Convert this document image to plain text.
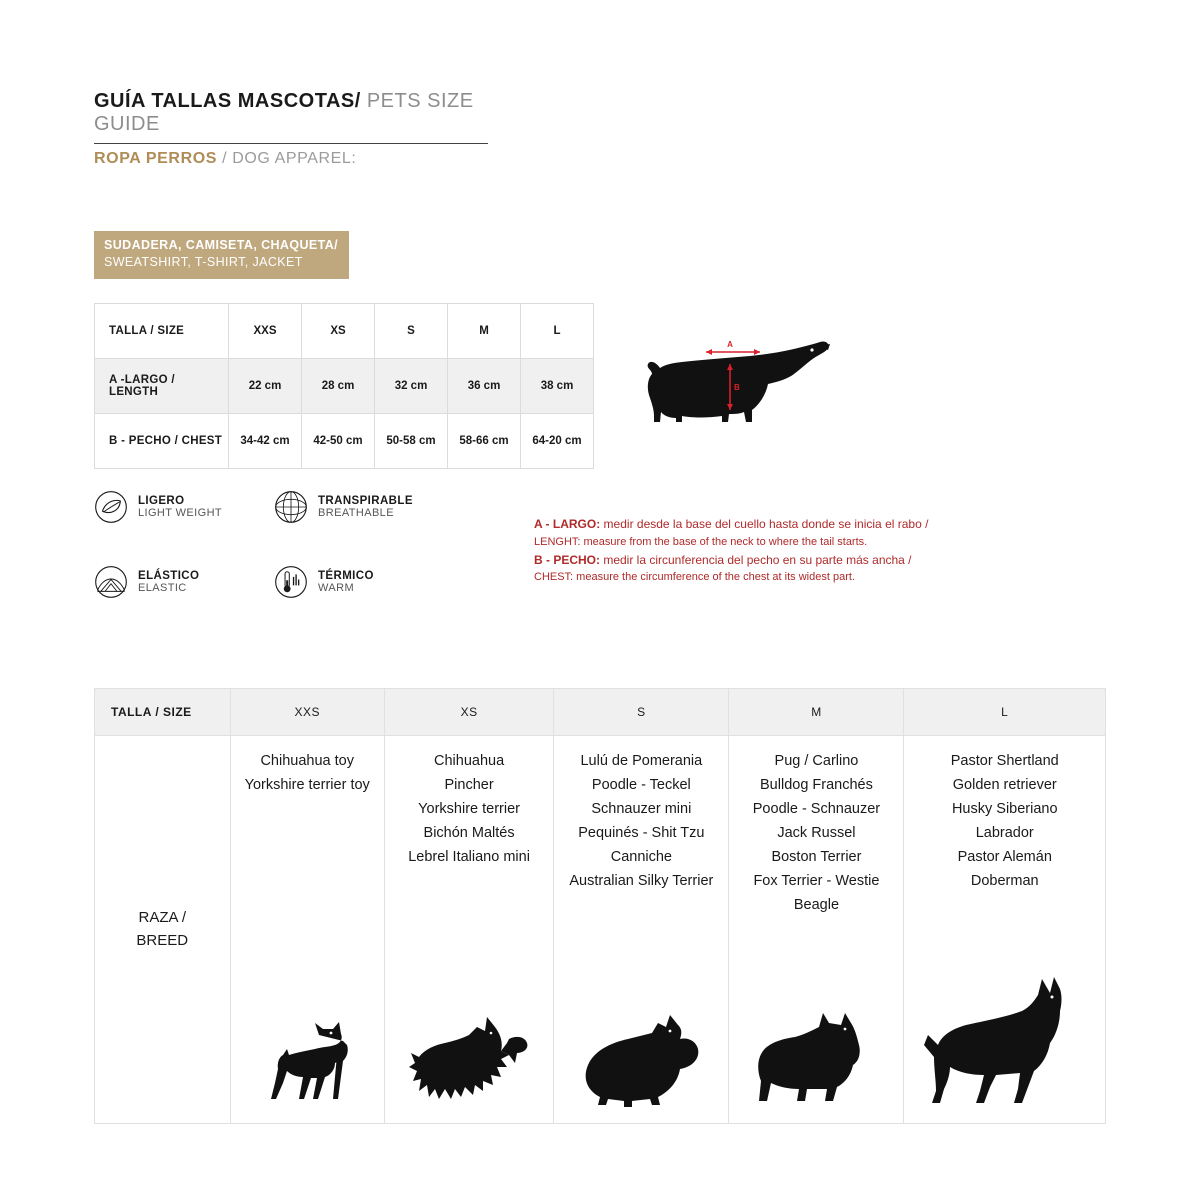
GUÍA TALLAS MASCOTAS/ PETS SIZE GUIDE
ROPA PERROS / DOG APPAREL:
SUDADERA, CAMISETA, CHAQUETA/
SWEATSHIRT, T-SHIRT, JACKET
TALLA / SIZE	XXS	XS	S	M	L
A -LARGO / LENGTH	22 cm	28 cm	32 cm	36 cm	38 cm
B - PECHO / CHEST	34-42 cm	42-50 cm	50-58 cm	58-66 cm	64-20 cm
LIGERO
LIGHT WEIGHT
TRANSPIRABLE
BREATHABLE
ELÁSTICO
ELASTIC
TÉRMICO
WARM
A
B
A - LARGO: medir desde la base del cuello hasta donde se inicia el rabo /
LENGHT: measure from the base of the neck to where the tail starts.
B - PECHO: medir la circunferencia del pecho en su parte más ancha /
CHEST: measure the circumference of the chest at its widest part.
TALLA / SIZE	XXS	XS	S	M	L

RAZA /
BREED

Chihuahua toy
Yorkshire terrier toy

Chihuahua
Pincher
Yorkshire terrier
Bichón Maltés
Lebrel Italiano mini

Lulú de Pomerania
Poodle - Teckel
Schnauzer mini
Pequinés - Shit Tzu
Canniche
Australian Silky Terrier

Pug / Carlino
Bulldog Franchés
Poodle - Schnauzer
Jack Russel
Boston Terrier
Fox Terrier - Westie
Beagle

Pastor Shertland
Golden retriever
Husky Siberiano
Labrador
Pastor Alemán
Doberman
